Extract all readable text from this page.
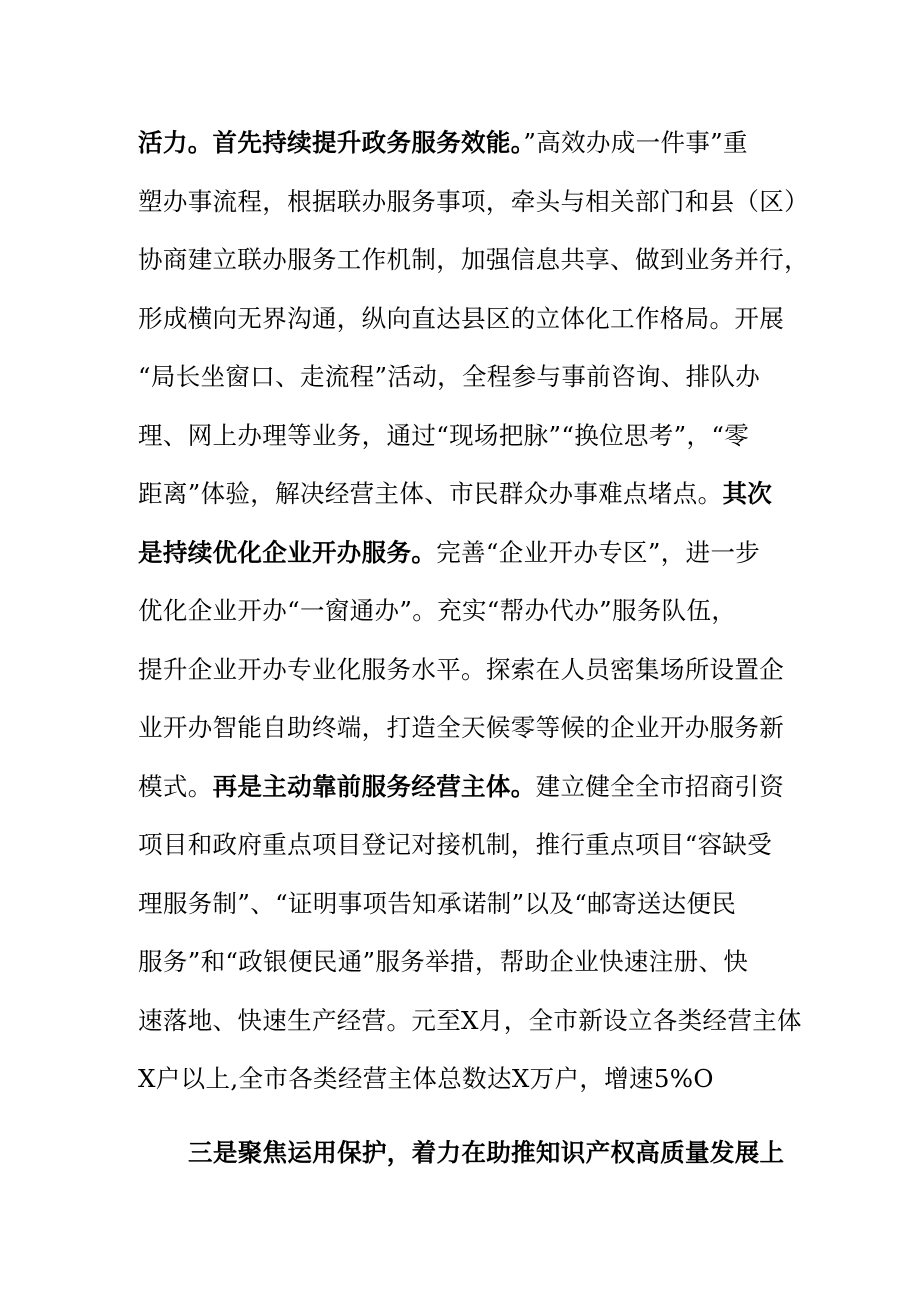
活力。首先持续提升政务服务效能。”高效办成一件事”重
塑办事流程，根据联办服务事项，牵头与相关部门和县（区）
协商建立联办服务工作机制，加强信息共享、做到业务并行，
形成横向无界沟通，纵向直达县区的立体化工作格局。开展
“局长坐窗口、走流程”活动，全程参与事前咨询、排队办
理、网上办理等业务，通过“现场把脉”“换位思考”，“零
距离”体验，解决经营主体、市民群众办事难点堵点。其次
是持续优化企业开办服务。完善“企业开办专区”，进一步
优化企业开办“一窗通办”。充实“帮办代办”服务队伍，
提升企业开办专业化服务水平。探索在人员密集场所设置企
业开办智能自助终端，打造全天候零等候的企业开办服务新
模式。再是主动靠前服务经营主体。建立健全全市招商引资
项目和政府重点项目登记对接机制，推行重点项目“容缺受
理服务制”、“证明事项告知承诺制”以及“邮寄送达便民
服务”和“政银便民通”服务举措，帮助企业快速注册、快
速落地、快速生产经营。元至X月，全市新设立各类经营主体
X户以上,全市各类经营主体总数达X万户，增速5%O
三是聚焦运用保护，着力在助推知识产权高质量发展上
